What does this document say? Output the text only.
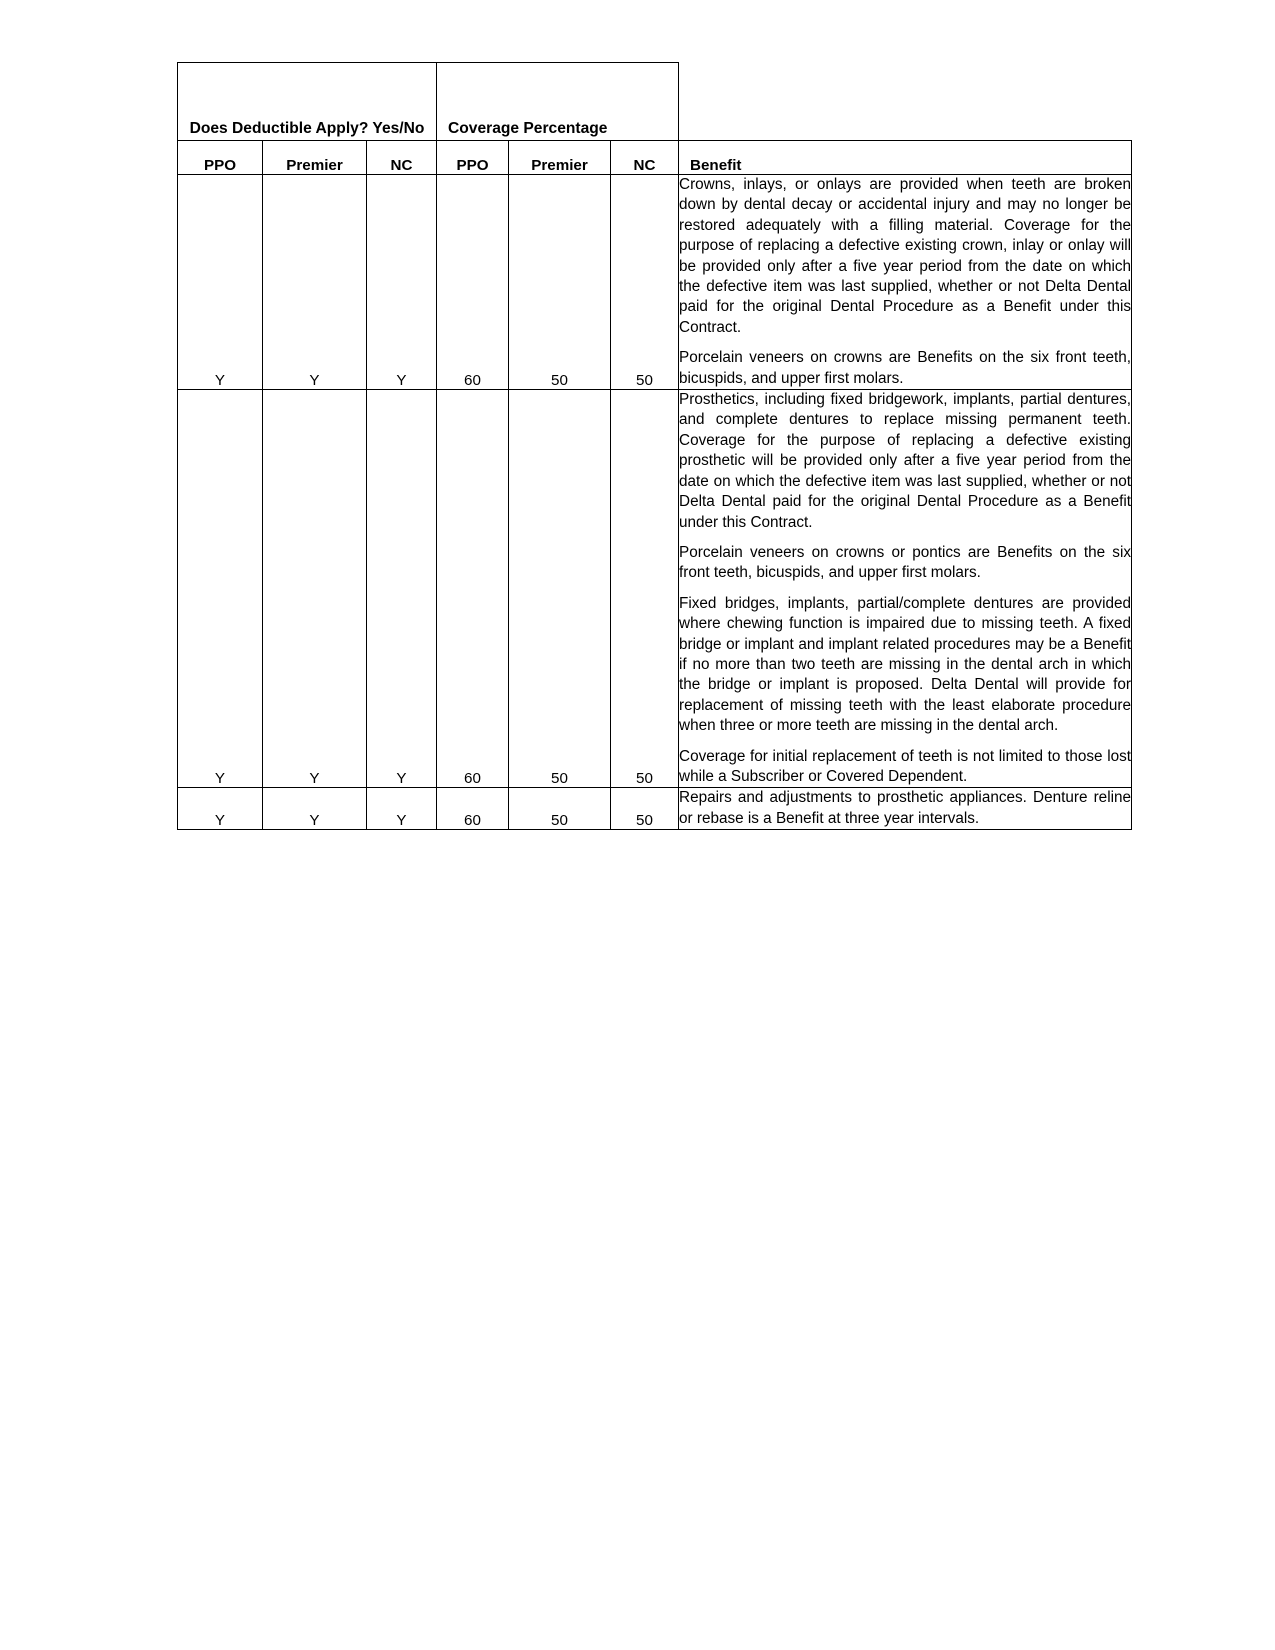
Does Deductible Apply? Yes/No			Coverage Percentage			
PPO	Premier	NC	PPO	Premier	NC	Benefit
Y	Y	Y	60	50	50	Crowns, inlays, or onlays are provided when teeth are broken down by dental decay or accidental injury and may no longer be restored adequately with a filling material. Coverage for the purpose of replacing a defective existing crown, inlay or onlay will be provided only after a five year period from the date on which the defective item was last supplied, whether or not Delta Dental paid for the original Dental Procedure as a Benefit under this Contract.

Porcelain veneers on crowns are Benefits on the six front teeth, bicuspids, and upper first molars.

Y	Y	Y	60	50	50	Prosthetics, including fixed bridgework, implants, partial dentures, and complete dentures to replace missing permanent teeth. Coverage for the purpose of replacing a defective existing prosthetic will be provided only after a five year period from the date on which the defective item was last supplied, whether or not Delta Dental paid for the original Dental Procedure as a Benefit under this Contract.

Porcelain veneers on crowns or pontics are Benefits on the six front teeth, bicuspids, and upper first molars.

Fixed bridges, implants, partial/complete dentures are provided where chewing function is impaired due to missing teeth. A fixed bridge or implant and implant related procedures may be a Benefit if no more than two teeth are missing in the dental arch in which the bridge or implant is proposed. Delta Dental will provide for replacement of missing teeth with the least elaborate procedure when three or more teeth are missing in the dental arch.

Coverage for initial replacement of teeth is not limited to those lost while a Subscriber or Covered Dependent.

Y	Y	Y	60	50	50	Repairs and adjustments to prosthetic appliances. Denture reline or rebase is a Benefit at three year intervals.
